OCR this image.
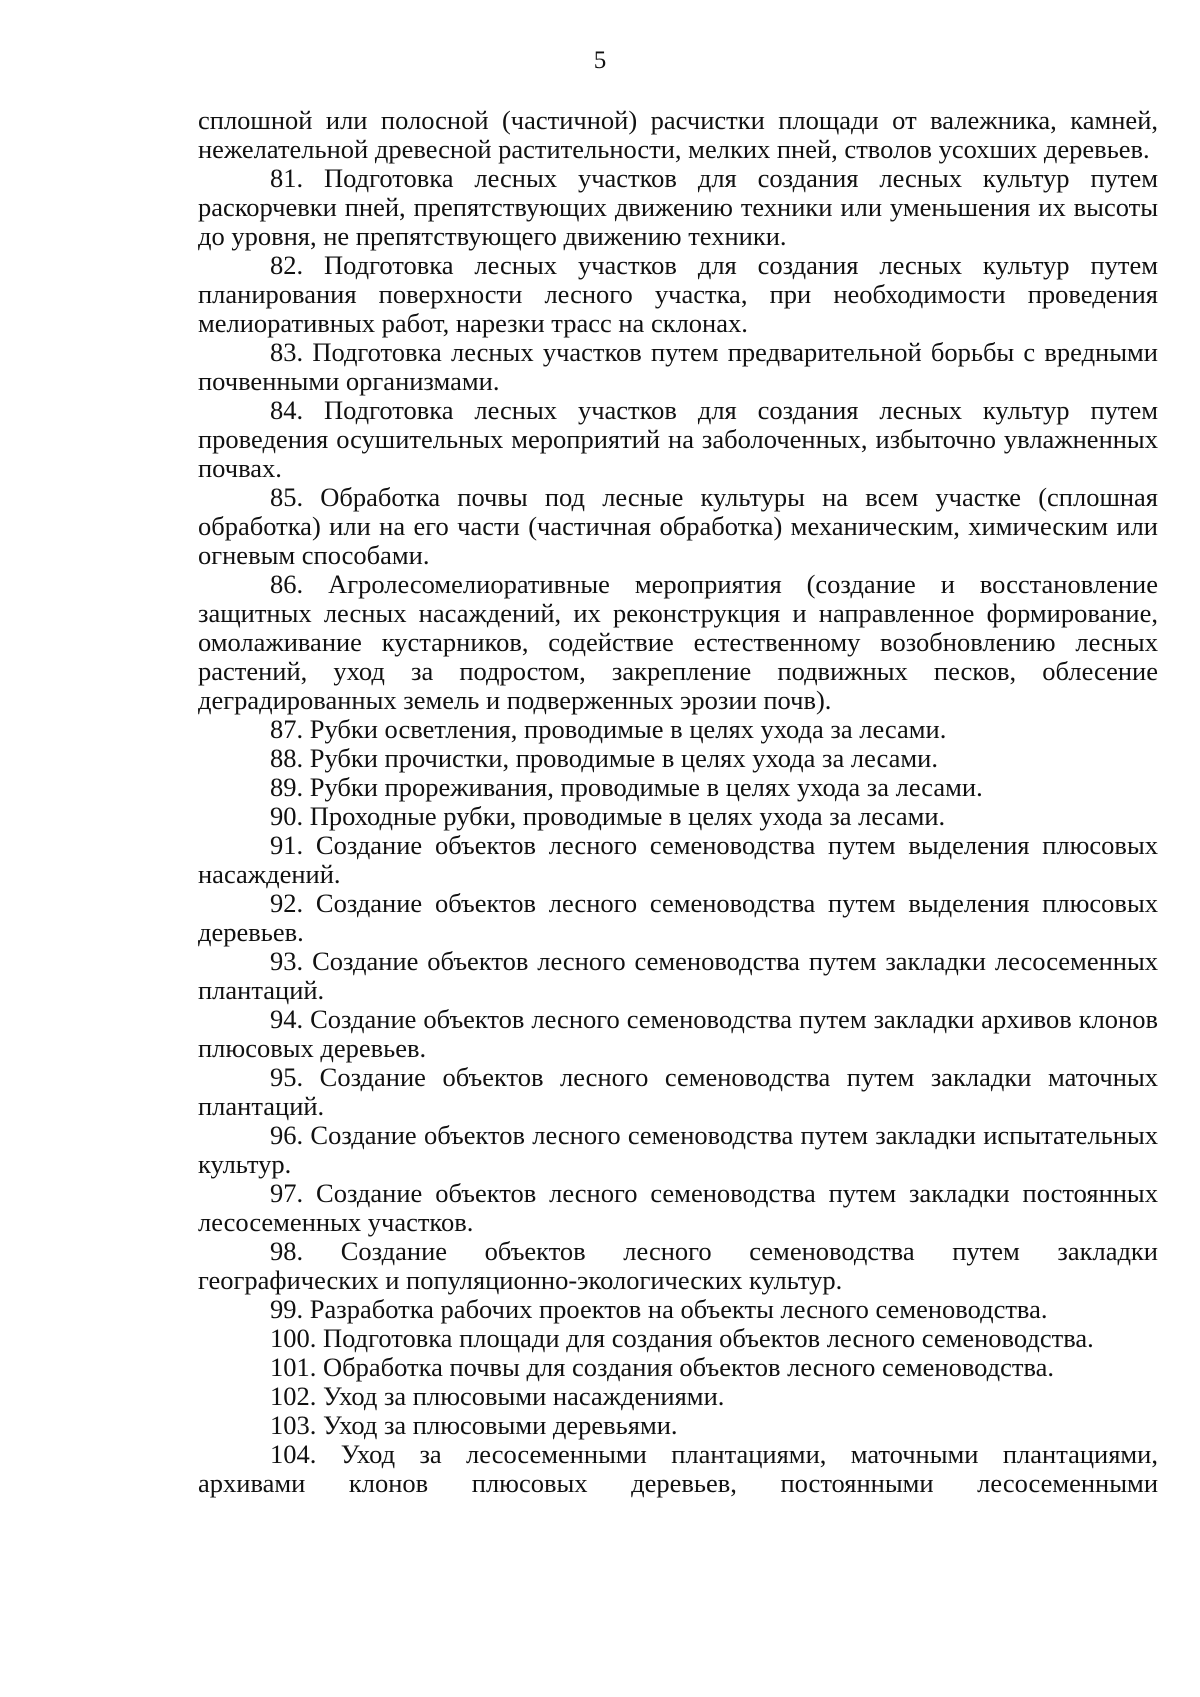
5

сплошной или полосной (частичной) расчистки площади от валежника, камней, нежелательной древесной растительности, мелких пней, стволов усохших деревьев.

81. Подготовка лесных участков для создания лесных культур путем раскорчевки пней, препятствующих движению техники или уменьшения их высоты до уровня, не препятствующего движению техники.

82. Подготовка лесных участков для создания лесных культур путем планирования поверхности лесного участка, при необходимости проведения мелиоративных работ, нарезки трасс на склонах.

83. Подготовка лесных участков путем предварительной борьбы с вредными почвенными организмами.

84. Подготовка лесных участков для создания лесных культур путем проведения осушительных мероприятий на заболоченных, избыточно увлажненных почвах.

85. Обработка почвы под лесные культуры на всем участке (сплошная обработка) или на его части (частичная обработка) механическим, химическим или огневым способами.

86. Агролесомелиоративные мероприятия (создание и восстановление защитных лесных насаждений, их реконструкция и направленное формирование, омолаживание кустарников, содействие естественному возобновлению лесных растений, уход за подростом, закрепление подвижных песков, облесение деградированных земель и подверженных эрозии почв).

87. Рубки осветления, проводимые в целях ухода за лесами.

88. Рубки прочистки, проводимые в целях ухода за лесами.

89. Рубки прореживания, проводимые в целях ухода за лесами.

90. Проходные рубки, проводимые в целях ухода за лесами.

91. Создание объектов лесного семеноводства путем выделения плюсовых насаждений.

92. Создание объектов лесного семеноводства путем выделения плюсовых деревьев.

93. Создание объектов лесного семеноводства путем закладки лесосеменных плантаций.

94. Создание объектов лесного семеноводства путем закладки архивов клонов плюсовых деревьев.

95. Создание объектов лесного семеноводства путем закладки маточных плантаций.

96. Создание объектов лесного семеноводства путем закладки испытательных культур.

97. Создание объектов лесного семеноводства путем закладки постоянных лесосеменных участков.

98. Создание объектов лесного семеноводства путем закладки географических и популяционно-экологических культур.

99. Разработка рабочих проектов на объекты лесного семеноводства.

100. Подготовка площади для создания объектов лесного семеноводства.

101. Обработка почвы для создания объектов лесного семеноводства.

102. Уход за плюсовыми насаждениями.

103. Уход за плюсовыми деревьями.

104. Уход за лесосеменными плантациями, маточными плантациями, архивами клонов плюсовых деревьев, постоянными лесосеменными
